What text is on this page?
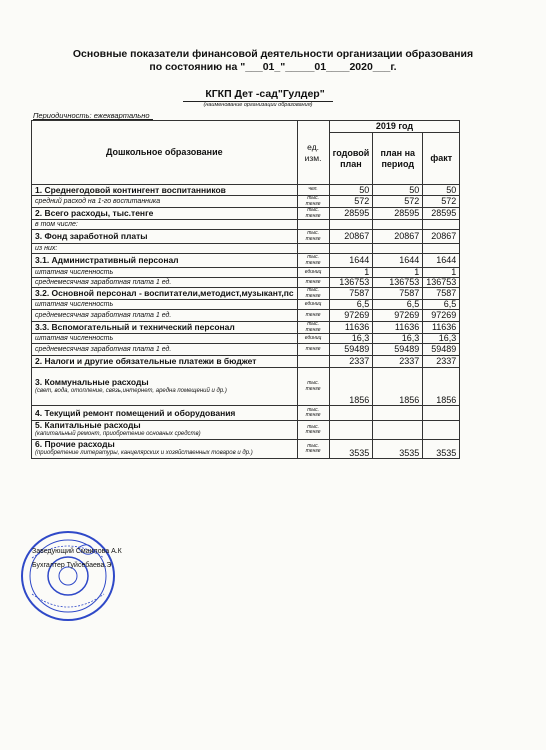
Основные показатели финансовой деятельности организации образования
по состоянию на "___01_"_____01____2020___г.
КГКП Дет -сад"Гулдер"
(наименование организации образования)
Периодичность: ежеквартально
Дошкольное образование	ед. изм.	2019 год		
		годовой план	план на период	факт
1. Среднегодовой контингент воспитанников	чел.	50	50	50
средний расход на 1-го воспитанника	тыс. тенге	572	572	572
2. Всего расходы, тыс.тенге	тыс. тенге	28595	28595	28595
в том числе:				
3. Фонд заработной платы	тыс. тенге	20867	20867	20867
из них:				
3.1. Административный персонал	тыс. тенге	1644	1644	1644
штатная численность	единиц	1	1	1
среднемесячная заработная плата 1 ед.	тенге	136753	136753	136753
3.2. Основной персонал - воспитатели,методист,музыкант,пс	тыс. тенге	7587	7587	7587
штатная численность	единиц	6,5	6,5	6,5
среднемесячная заработная плата 1 ед.	тенге	97269	97269	97269
3.3. Вспомогательный и технический персонал	тыс. тенге	11636	11636	11636
штатная численность	единиц	16,3	16,3	16,3
среднемесячная заработная плата 1 ед.	тенге	59489	59489	59489
2. Налоги и другие обязательные платежи в бюджет		2337	2337	2337
3. Коммунальные расходы
(свет, вода, отопление, связь,интернет, аредна помещений и др.)	тыс. тенге	1856	1856	1856
4. Текущий ремонт помещений и оборудования	тыс. тенге			
5. Капитальные расходы
(капитальный ремонт, приобретение основных средств)	тыс. тенге			
6. Прочие расходы
(приобретение литературы, канцелярских и хозяйственных товаров и др.)	тыс. тенге	3535	3535	3535
Заведующий Смаилова А.К
Бухгалтер Туйсебаева.Э
